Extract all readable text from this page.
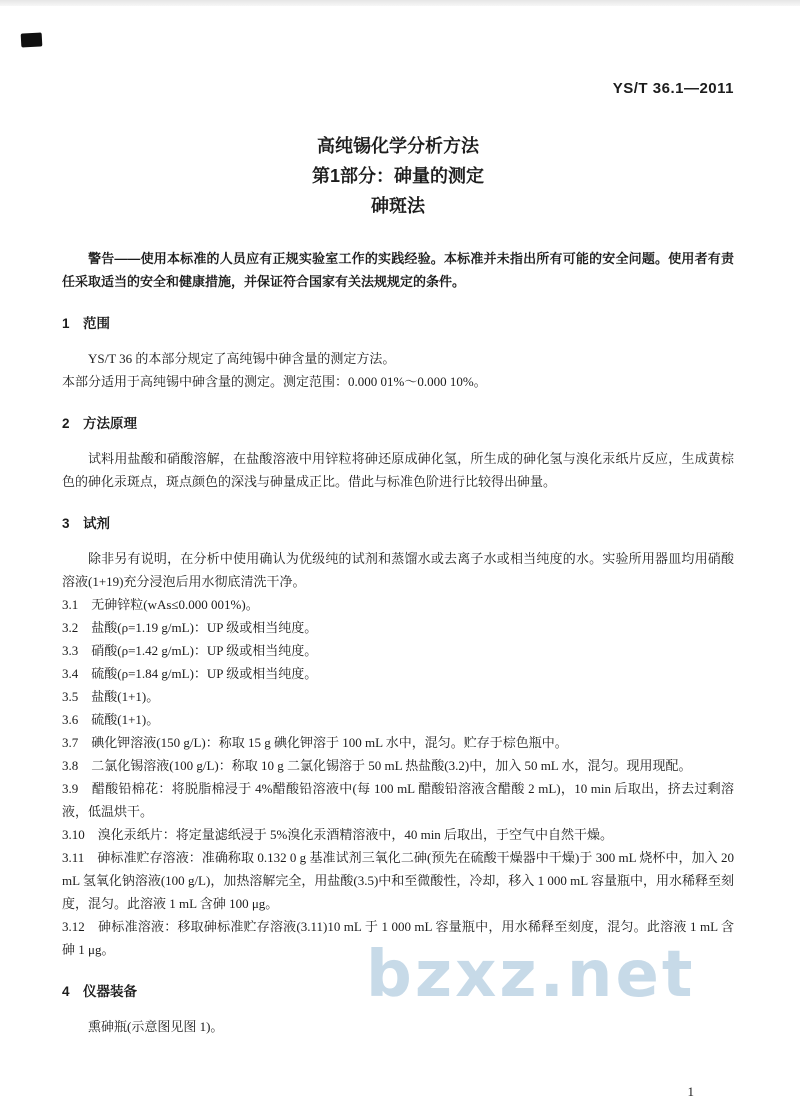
YS/T 36.1—2011
高纯锡化学分析方法
第1部分：砷量的测定
砷斑法

警告——使用本标准的人员应有正规实验室工作的实践经验。本标准并未指出所有可能的安全问题。使用者有责任采取适当的安全和健康措施，并保证符合国家有关法规规定的条件。

1　范围

YS/T 36 的本部分规定了高纯锡中砷含量的测定方法。

本部分适用于高纯锡中砷含量的测定。测定范围：0.000 01%～0.000 10%。

2　方法原理

试料用盐酸和硝酸溶解，在盐酸溶液中用锌粒将砷还原成砷化氢，所生成的砷化氢与溴化汞纸片反应，生成黄棕色的砷化汞斑点，斑点颜色的深浅与砷量成正比。借此与标准色阶进行比较得出砷量。

3　试剂

除非另有说明，在分析中使用确认为优级纯的试剂和蒸馏水或去离子水或相当纯度的水。实验所用器皿均用硝酸溶液(1+19)充分浸泡后用水彻底清洗干净。

3.1　无砷锌粒(wAs≤0.000 001%)。

3.2　盐酸(ρ=1.19 g/mL)：UP 级或相当纯度。

3.3　硝酸(ρ=1.42 g/mL)：UP 级或相当纯度。

3.4　硫酸(ρ=1.84 g/mL)：UP 级或相当纯度。

3.5　盐酸(1+1)。

3.6　硫酸(1+1)。

3.7　碘化钾溶液(150 g/L)：称取 15 g 碘化钾溶于 100 mL 水中，混匀。贮存于棕色瓶中。

3.8　二氯化锡溶液(100 g/L)：称取 10 g 二氯化锡溶于 50 mL 热盐酸(3.2)中，加入 50 mL 水，混匀。现用现配。

3.9　醋酸铅棉花：将脱脂棉浸于 4%醋酸铅溶液中(每 100 mL 醋酸铅溶液含醋酸 2 mL)，10 min 后取出，挤去过剩溶液，低温烘干。

3.10　溴化汞纸片：将定量滤纸浸于 5%溴化汞酒精溶液中，40 min 后取出，于空气中自然干燥。

3.11　砷标准贮存溶液：准确称取 0.132 0 g 基准试剂三氧化二砷(预先在硫酸干燥器中干燥)于 300 mL 烧杯中，加入 20 mL 氢氧化钠溶液(100 g/L)，加热溶解完全，用盐酸(3.5)中和至微酸性，冷却，移入 1 000 mL 容量瓶中，用水稀释至刻度，混匀。此溶液 1 mL 含砷 100 μg。

3.12　砷标准溶液：移取砷标准贮存溶液(3.11)10 mL 于 1 000 mL 容量瓶中，用水稀释至刻度，混匀。此溶液 1 mL 含砷 1 μg。

4　仪器装备

熏砷瓶(示意图见图 1)。

bzxz.net
1
